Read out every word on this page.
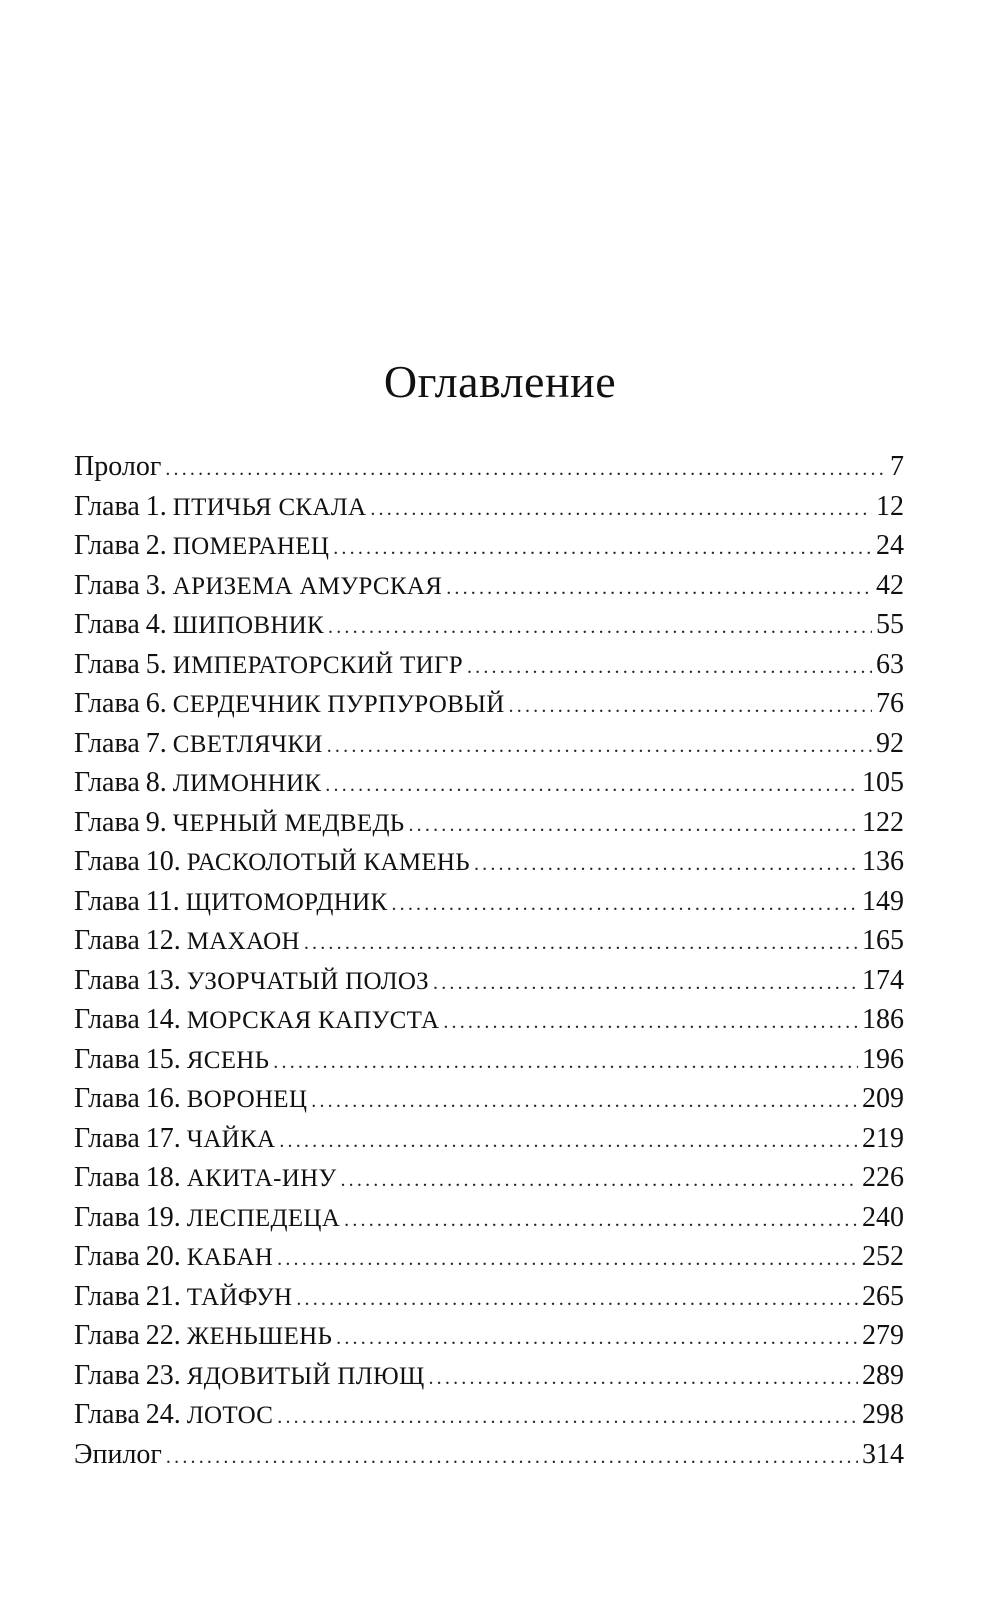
Оглавление
Пролог .....	7
Глава 1. ПТИЧЬЯ СКАЛА .....	12
Глава 2. ПОМЕРАНЕЦ .....	24
Глава 3. АРИЗЕМА АМУРСКАЯ .....	42
Глава 4. ШИПОВНИК .....	55
Глава 5. ИМПЕРАТОРСКИЙ ТИГР .....	63
Глава 6. СЕРДЕЧНИК ПУРПУРОВЫЙ .....	76
Глава 7. СВЕТЛЯЧКИ .....	92
Глава 8. ЛИМОННИК .....	105
Глава 9. ЧЕРНЫЙ МЕДВЕДЬ .....	122
Глава 10. РАСКОЛОТЫЙ КАМЕНЬ .....	136
Глава 11. ЩИТОМОРДНИК .....	149
Глава 12. МАХАОН .....	165
Глава 13. УЗОРЧАТЫЙ ПОЛОЗ .....	174
Глава 14. МОРСКАЯ КАПУСТА .....	186
Глава 15. ЯСЕНЬ .....	196
Глава 16. ВОРОНЕЦ .....	209
Глава 17. ЧАЙКА .....	219
Глава 18. АКИТА-ИНУ .....	226
Глава 19. ЛЕСПЕДЕЦА .....	240
Глава 20. КАБАН .....	252
Глава 21. ТАЙФУН .....	265
Глава 22. ЖЕНЬШЕНЬ .....	279
Глава 23. ЯДОВИТЫЙ ПЛЮЩ .....	289
Глава 24. ЛОТОС .....	298
Эпилог .....	314
